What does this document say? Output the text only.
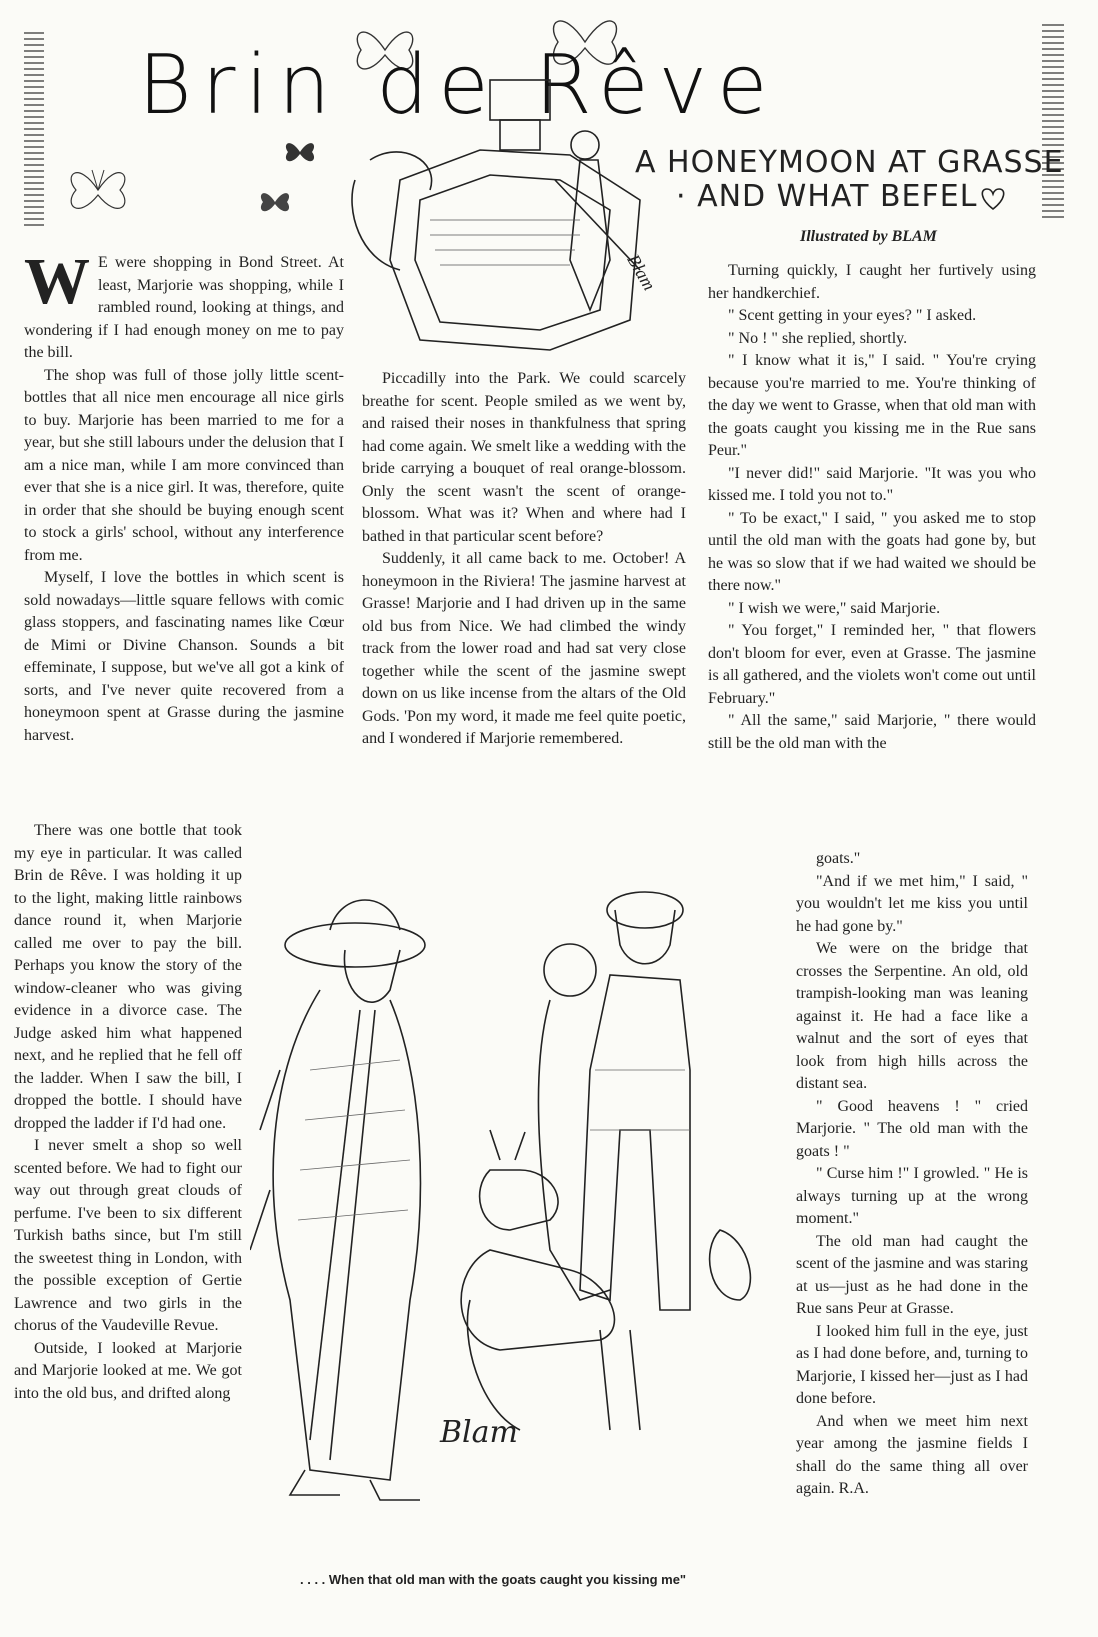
Brin de Rêve
Blam
A HONEYMOON AT GRASSE
· AND WHAT BEFEL
Illustrated by BLAM

W E were shopping in Bond Street. At least, Marjorie was shopping, while I rambled round, looking at things, and wondering if I had enough money on me to pay the bill.

The shop was full of those jolly little scent-bottles that all nice men encourage all nice girls to buy. Marjorie has been married to me for a year, but she still labours under the delusion that I am a nice man, while I am more convinced than ever that she is a nice girl. It was, therefore, quite in order that she should be buying enough scent to stock a girls' school, without any interference from me.

Myself, I love the bottles in which scent is sold nowadays—little square fellows with comic glass stoppers, and fascinating names like Cœur de Mimi or Divine Chanson. Sounds a bit effeminate, I suppose, but we've all got a kink of sorts, and I've never quite recovered from a honeymoon spent at Grasse during the jasmine harvest.

There was one bottle that took my eye in particular. It was called Brin de Rêve. I was holding it up to the light, making little rainbows dance round it, when Marjorie called me over to pay the bill. Perhaps you know the story of the window-cleaner who was giving evidence in a divorce case. The Judge asked him what happened next, and he replied that he fell off the ladder. When I saw the bill, I dropped the bottle. I should have dropped the ladder if I'd had one.

I never smelt a shop so well scented before. We had to fight our way out through great clouds of perfume. I've been to six different Turkish baths since, but I'm still the sweetest thing in London, with the possible exception of Gertie Lawrence and two girls in the chorus of the Vaudeville Revue.

Outside, I looked at Marjorie and Marjorie looked at me. We got into the old bus, and drifted along

Piccadilly into the Park. We could scarcely breathe for scent. People smiled as we went by, and raised their noses in thankfulness that spring had come again. We smelt like a wedding with the bride carrying a bouquet of real orange-blossom. Only the scent wasn't the scent of orange-blossom. What was it? When and where had I bathed in that particular scent before?

Suddenly, it all came back to me. October! A honeymoon in the Riviera! The jasmine harvest at Grasse! Marjorie and I had driven up in the same old bus from Nice. We had climbed the windy track from the lower road and had sat very close together while the scent of the jasmine swept down on us like incense from the altars of the Old Gods. 'Pon my word, it made me feel quite poetic, and I wondered if Marjorie remembered.

Turning quickly, I caught her furtively using her handkerchief.

" Scent getting in your eyes? " I asked.

" No ! " she replied, shortly.

" I know what it is," I said. " You're crying because you're married to me. You're thinking of the day we went to Grasse, when that old man with the goats caught you kissing me in the Rue sans Peur."

"I never did!" said Marjorie. "It was you who kissed me. I told you not to."

" To be exact," I said, " you asked me to stop until the old man with the goats had gone by, but he was so slow that if we had waited we should be there now."

" I wish we were," said Marjorie.

" You forget," I reminded her, " that flowers don't bloom for ever, even at Grasse. The jasmine is all gathered, and the violets won't come out until February."

" All the same," said Marjorie, " there would still be the old man with the

goats."

"And if we met him," I said, " you wouldn't let me kiss you until he had gone by."

We were on the bridge that crosses the Serpentine. An old, old trampish-looking man was leaning against it. He had a face like a walnut and the sort of eyes that look from high hills across the distant sea.

" Good heavens ! " cried Marjorie. " The old man with the goats ! "

" Curse him !" I growled. " He is always turning up at the wrong moment."

The old man had caught the scent of the jasmine and was staring at us—just as he had done in the Rue sans Peur at Grasse.

I looked him full in the eye, just as I had done before, and, turning to Marjorie, I kissed her—just as I had done before.

And when we meet him next year among the jasmine fields I shall do the same thing all over again. R.A.

Blam
. . . . When that old man with the goats caught you kissing me"
